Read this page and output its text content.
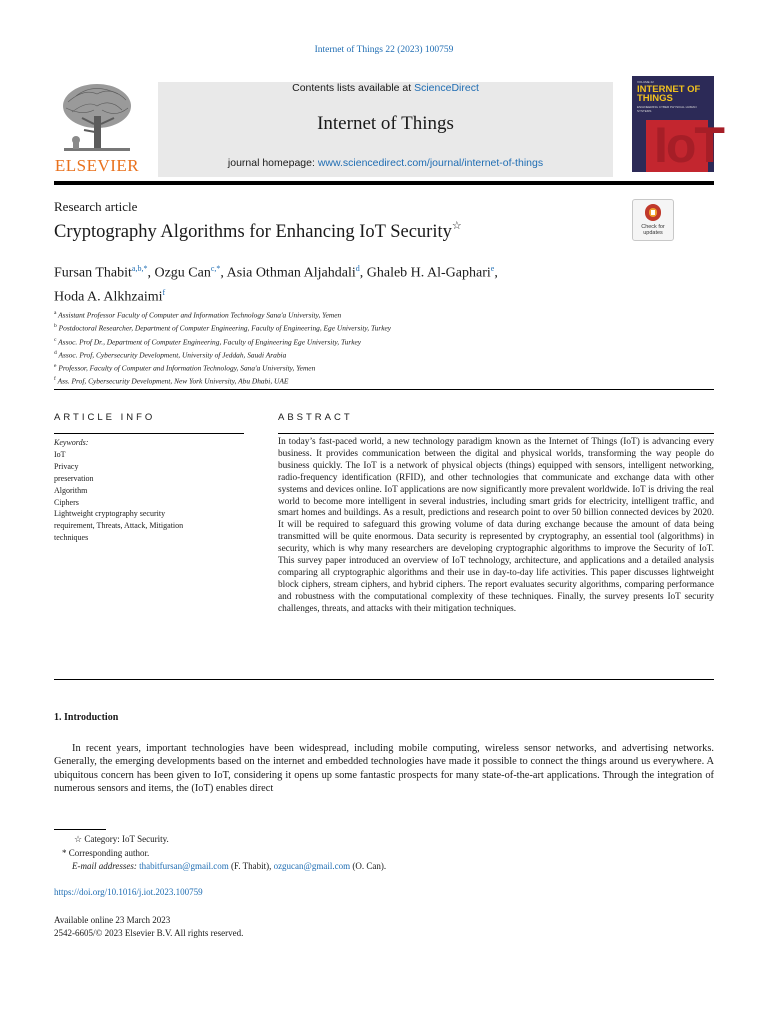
Internet of Things 22 (2023) 100759
ELSEVIER
Contents lists available at ScienceDirect
Internet of Things
journal homepage: www.sciencedirect.com/journal/internet-of-things
VOLUME 22
INTERNET OF THINGS
ENGINEERING CYBER PHYSICAL HUMAN SYSTEMS
IoT
Research article
Cryptography Algorithms for Enhancing IoT Security☆	Check for updates
Fursan Thabit$^{a,b,*}$, Ozgu Can$^{c,*}$, Asia Othman Aljahdali$^d$, Ghaleb H. Al-Gaphari$^e$,
Hoda A. Alkhzaimi$^f$
$^a$ Assistant Professor Faculty of Computer and Information Technology Sana'a University, Yemen
$^b$ Postdoctoral Researcher, Department of Computer Engineering, Faculty of Engineering, Ege University, Turkey
$^c$ Assoc. Prof Dr., Department of Computer Engineering, Faculty of Engineering Ege University, Turkey
$^d$ Assoc. Prof, Cybersecurity Development, University of Jeddah, Saudi Arabia
$^e$ Professor, Faculty of Computer and Information Technology, Sana'a University, Yemen
$^f$ Ass. Prof, Cybersecurity Development, New York University, Abu Dhabi, UAE
ARTICLE INFO	ABSTRACT
Keywords:
IoT
Privacy
preservation
Algorithm
Ciphers
Lightweight cryptography security
requirement, Threats, Attack, Mitigation
techniques
In today’s fast-paced world, a new technology paradigm known as the Internet of Things (IoT) is advancing every business. It provides communication between the digital and physical worlds, transforming the way people do business quickly. The IoT is a network of physical objects (things) equipped with sensors, intelligent networking, radio-frequency identification (RFID), and other technologies that communicate and exchange data with other systems and devices online. IoT applications are now significantly more prevalent worldwide. IoT is driving the real world to become more intelligent in several industries, including smart grids for electricity, intelligent traffic, and smart homes and buildings. As a result, predictions and research point to over 50 billion connected devices by 2020. It will be required to safeguard this growing volume of data during exchange because the amount of data being transmitted will be quite enormous. Data security is represented by cryptography, an essential tool (algorithms) in security, which is why many researchers are developing cryptographic algorithms to improve the Security of IoT. This survey paper introduced an overview of IoT technology, architecture, and applications and a detailed analysis comparing all cryptographic algorithms and their use in day-to-day life activities. This paper discusses lightweight block ciphers, stream ciphers, and hybrid ciphers. The report evaluates security algorithms, comparing performance and robustness with the computational complexity of these techniques. Finally, the survey presents IoT security challenges, threats, and attacks with their mitigation techniques.
1. Introduction
In recent years, important technologies have been widespread, including mobile computing, wireless sensor networks, and advertising networks. Generally, the emerging developments based on the internet and embedded technologies have made it possible to connect the things around us everywhere. A ubiquitous concern has been given to IoT, considering it opens up some fantastic prospects for many state-of-the-art applications. Through the integration of numerous sensors and items, the (IoT) enables direct
☆ Category: IoT Security.
* Corresponding author.
E-mail addresses: thabitfursan@gmail.com (F. Thabit), ozgucan@gmail.com (O. Can).
https://doi.org/10.1016/j.iot.2023.100759
Available online 23 March 2023
2542-6605/© 2023 Elsevier B.V. All rights reserved.
